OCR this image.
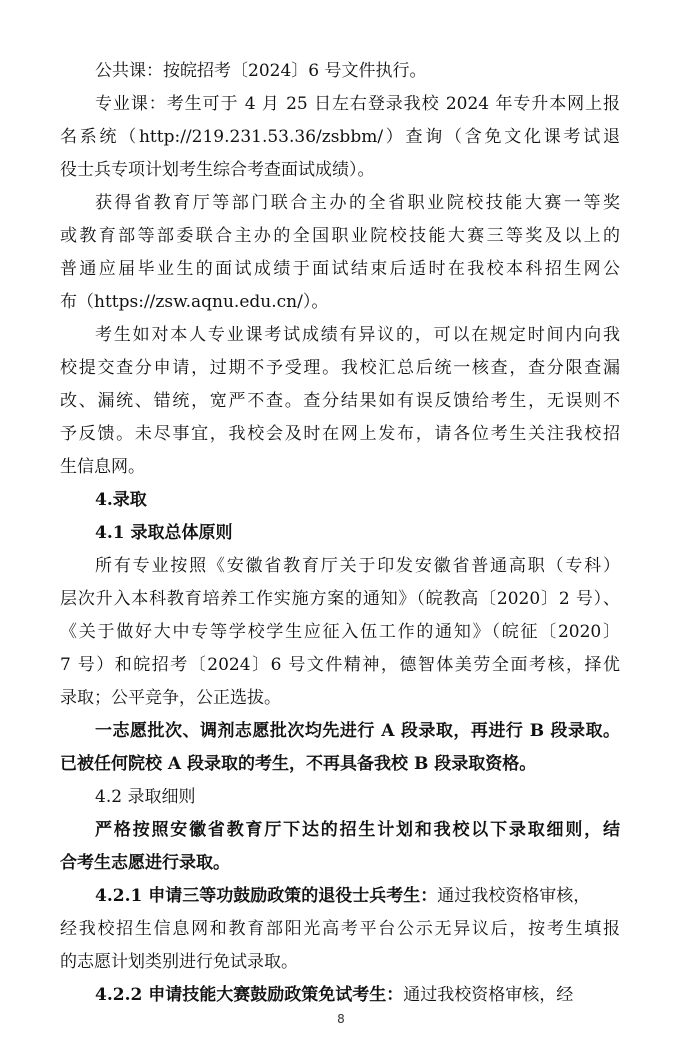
公共课：按皖招考〔2024〕6 号文件执行。
专业课：考生可于 4 月 25 日左右登录我校 2024 年专升本网上报
名系统（http://219.231.53.36/zsbbm/）查询（含免文化课考试退
役士兵专项计划考生综合考查面试成绩）。
获得省教育厅等部门联合主办的全省职业院校技能大赛一等奖
或教育部等部委联合主办的全国职业院校技能大赛三等奖及以上的
普通应届毕业生的面试成绩于面试结束后适时在我校本科招生网公
布（https://zsw.aqnu.edu.cn/）。
考生如对本人专业课考试成绩有异议的，可以在规定时间内向我
校提交查分申请，过期不予受理。我校汇总后统一核查，查分限查漏
改、漏统、错统，宽严不查。查分结果如有误反馈给考生，无误则不
予反馈。未尽事宜，我校会及时在网上发布，请各位考生关注我校招
生信息网。
4.录取
4.1 录取总体原则
所有专业按照《安徽省教育厅关于印发安徽省普通高职（专科）
层次升入本科教育培养工作实施方案的通知》（皖教高〔2020〕2 号）、
《关于做好大中专等学校学生应征入伍工作的通知》（皖征〔2020〕
7 号）和皖招考〔2024〕6 号文件精神，德智体美劳全面考核，择优
录取；公平竞争，公正选拔。
一志愿批次、调剂志愿批次均先进行 A 段录取，再进行 B 段录取。
已被任何院校 A 段录取的考生，不再具备我校 B 段录取资格。
4.2 录取细则
严格按照安徽省教育厅下达的招生计划和我校以下录取细则，结
合考生志愿进行录取。
4.2.1 申请三等功鼓励政策的退役士兵考生：通过我校资格审核，
经我校招生信息网和教育部阳光高考平台公示无异议后，按考生填报
的志愿计划类别进行免试录取。
4.2.2 申请技能大赛鼓励政策免试考生：通过我校资格审核，经
8
